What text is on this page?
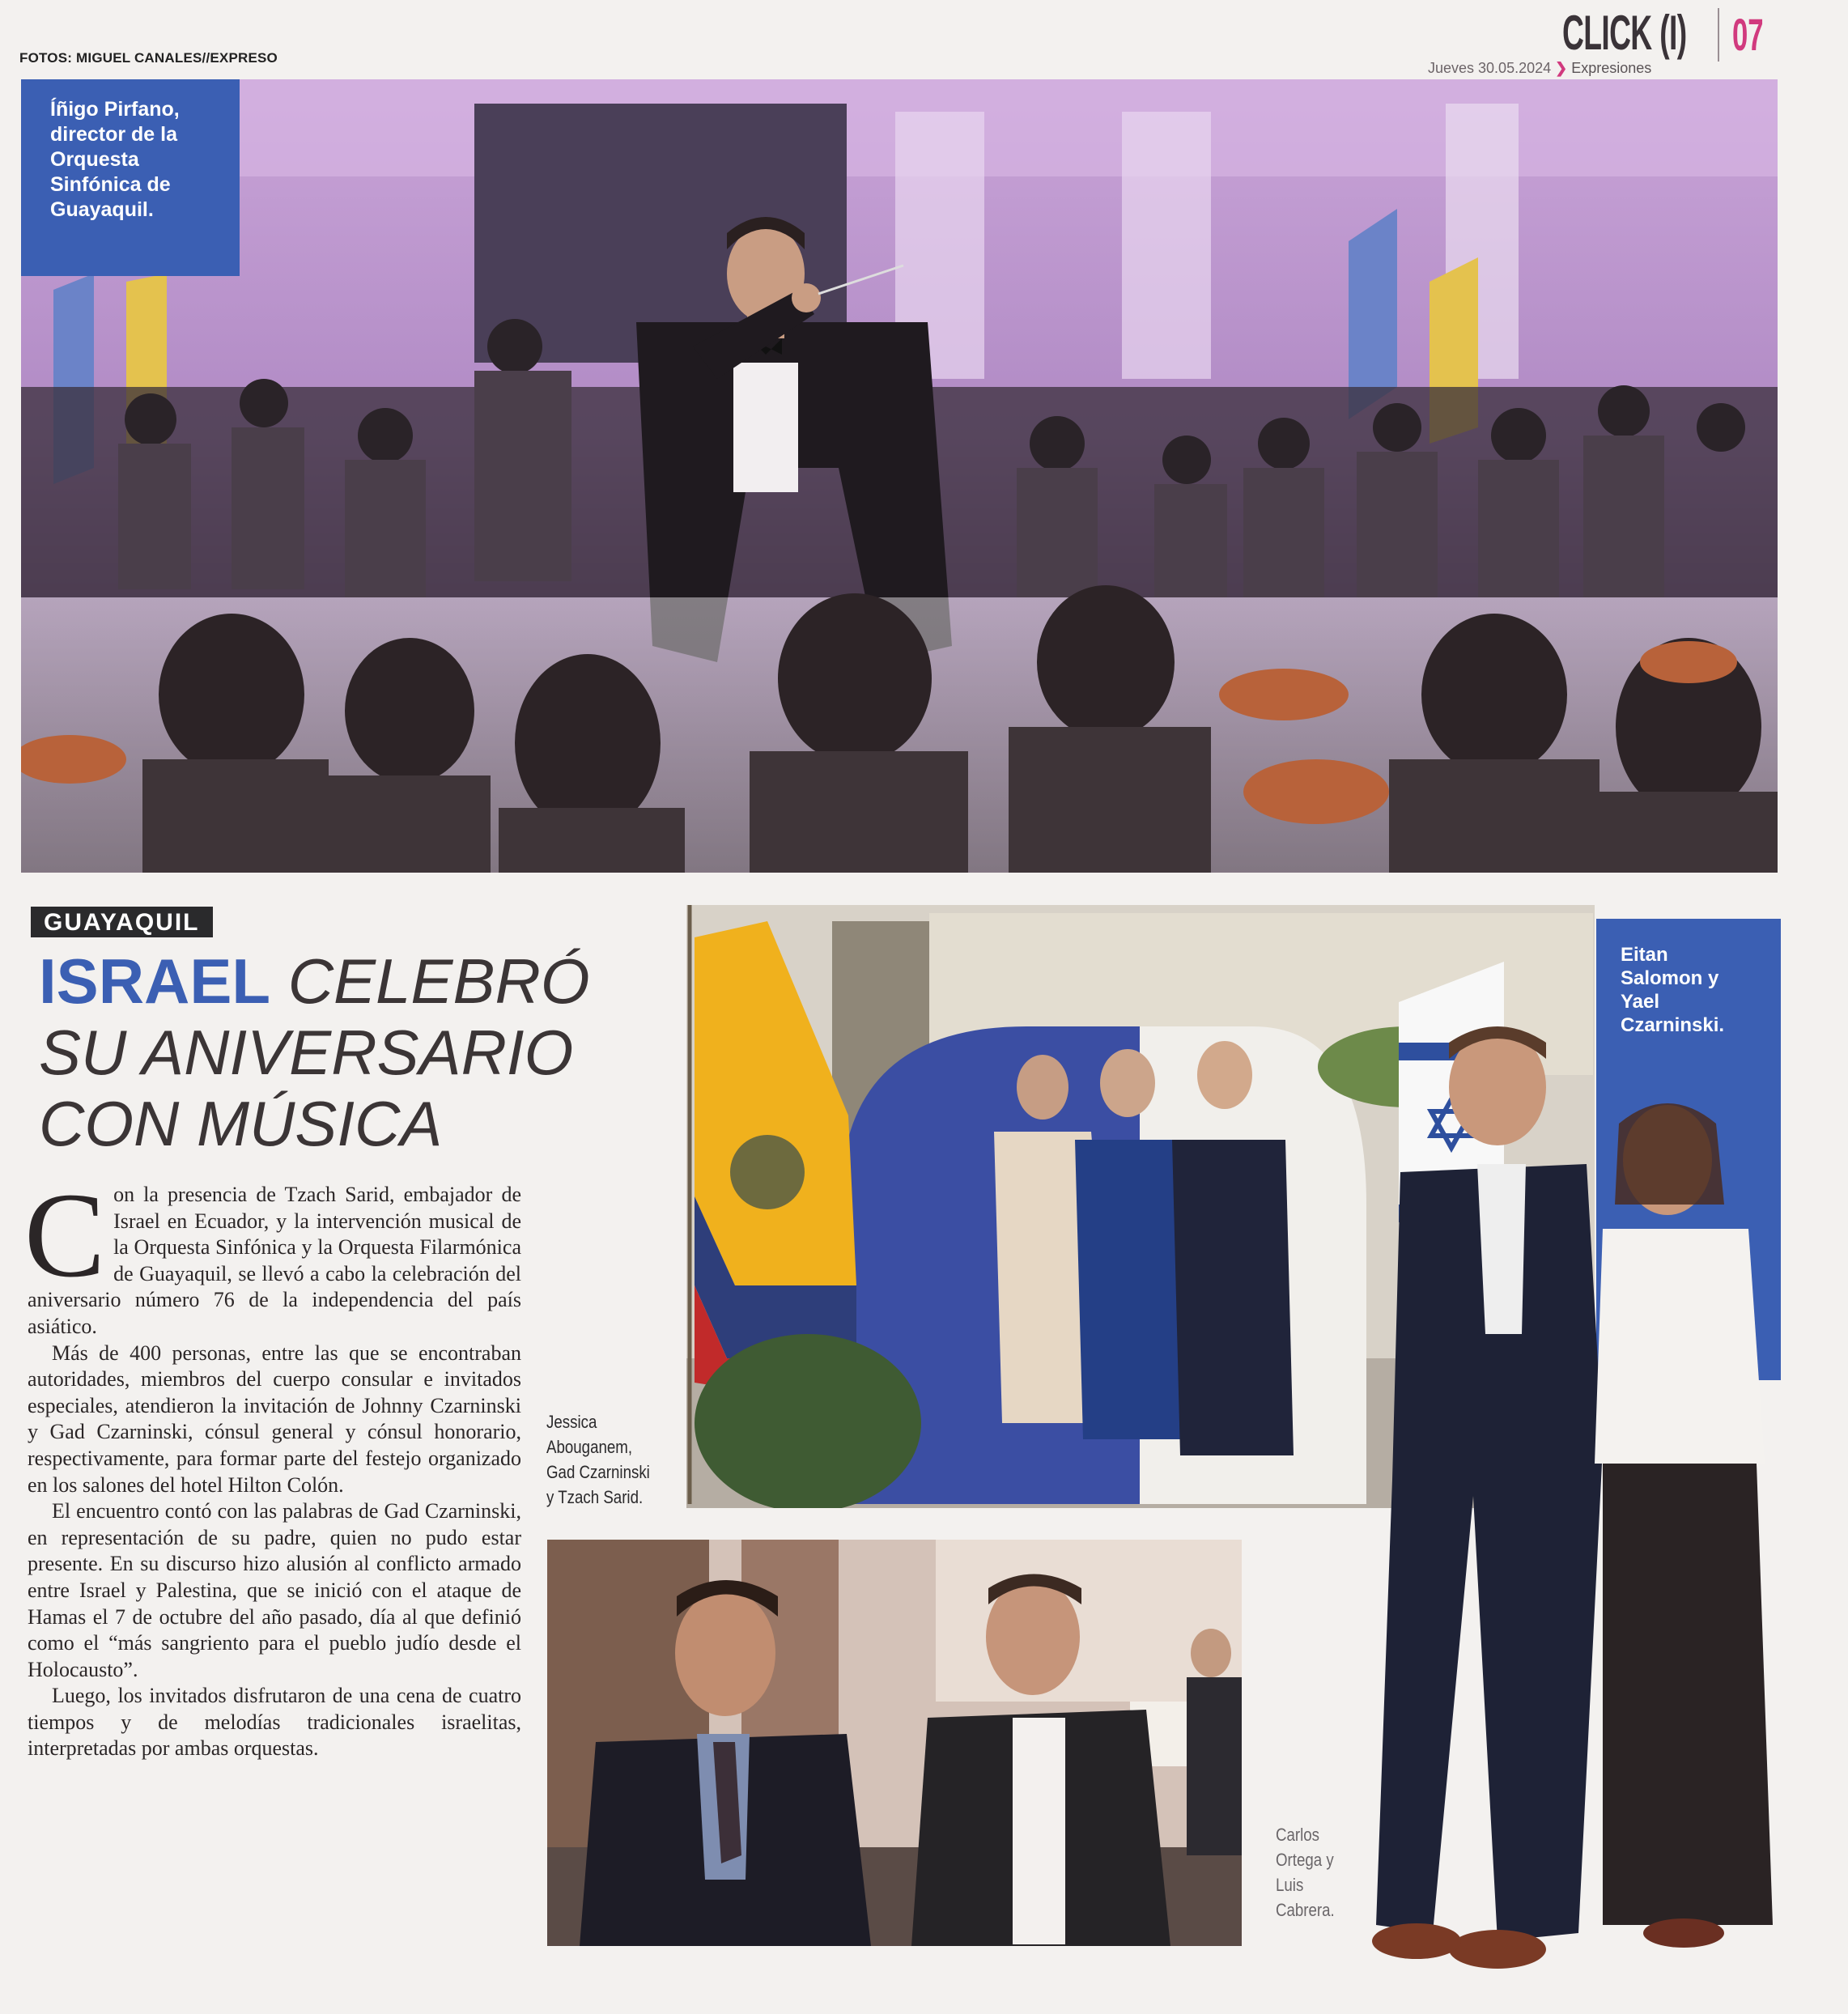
FOTOS: MIGUEL CANALES//EXPRESO	CLICK (I) 07
Jueves 30.05.2024 ❯ Expresiones
Íñigo Pirfano,
director de la
Orquesta
Sinfónica de
Guayaquil.
GUAYAQUIL
ISRAEL CELEBRÓ
SU ANIVERSARIO
CON MÚSICA

Con la presencia de Tzach Sarid, embajador de Israel en Ecuador, y la intervención musical de la Orquesta Sinfónica y la Orquesta Filarmónica de Guayaquil, se llevó a cabo la celebración del aniversario número 76 de la independencia del país asiático.

Más de 400 personas, entre las que se encontraban autoridades, miembros del cuerpo consular e invitados especiales, atendieron la invitación de Johnny Czarninski y Gad Czarninski, cónsul general y cónsul honorario, respectivamente, para formar parte del festejo organizado en los salones del hotel Hilton Colón.

El encuentro contó con las palabras de Gad Czarninski, en representación de su padre, quien no pudo estar presente. En su discurso hizo alusión al conflicto armado entre Israel y Palestina, que se inició con el ataque de Hamas el 7 de octubre del año pasado, día al que definió como el “más sangriento para el pueblo judío desde el Holocausto”.

Luego, los invitados disfrutaron de una cena de cuatro tiempos y de melodías tradicionales israelitas, interpretadas por ambas orquestas.

Jessica
Abouganem,
Gad Czarninski
y Tzach Sarid.
Eitan
Salomon y
Yael
Czarninski.
Carlos
Ortega y
Luis
Cabrera.
